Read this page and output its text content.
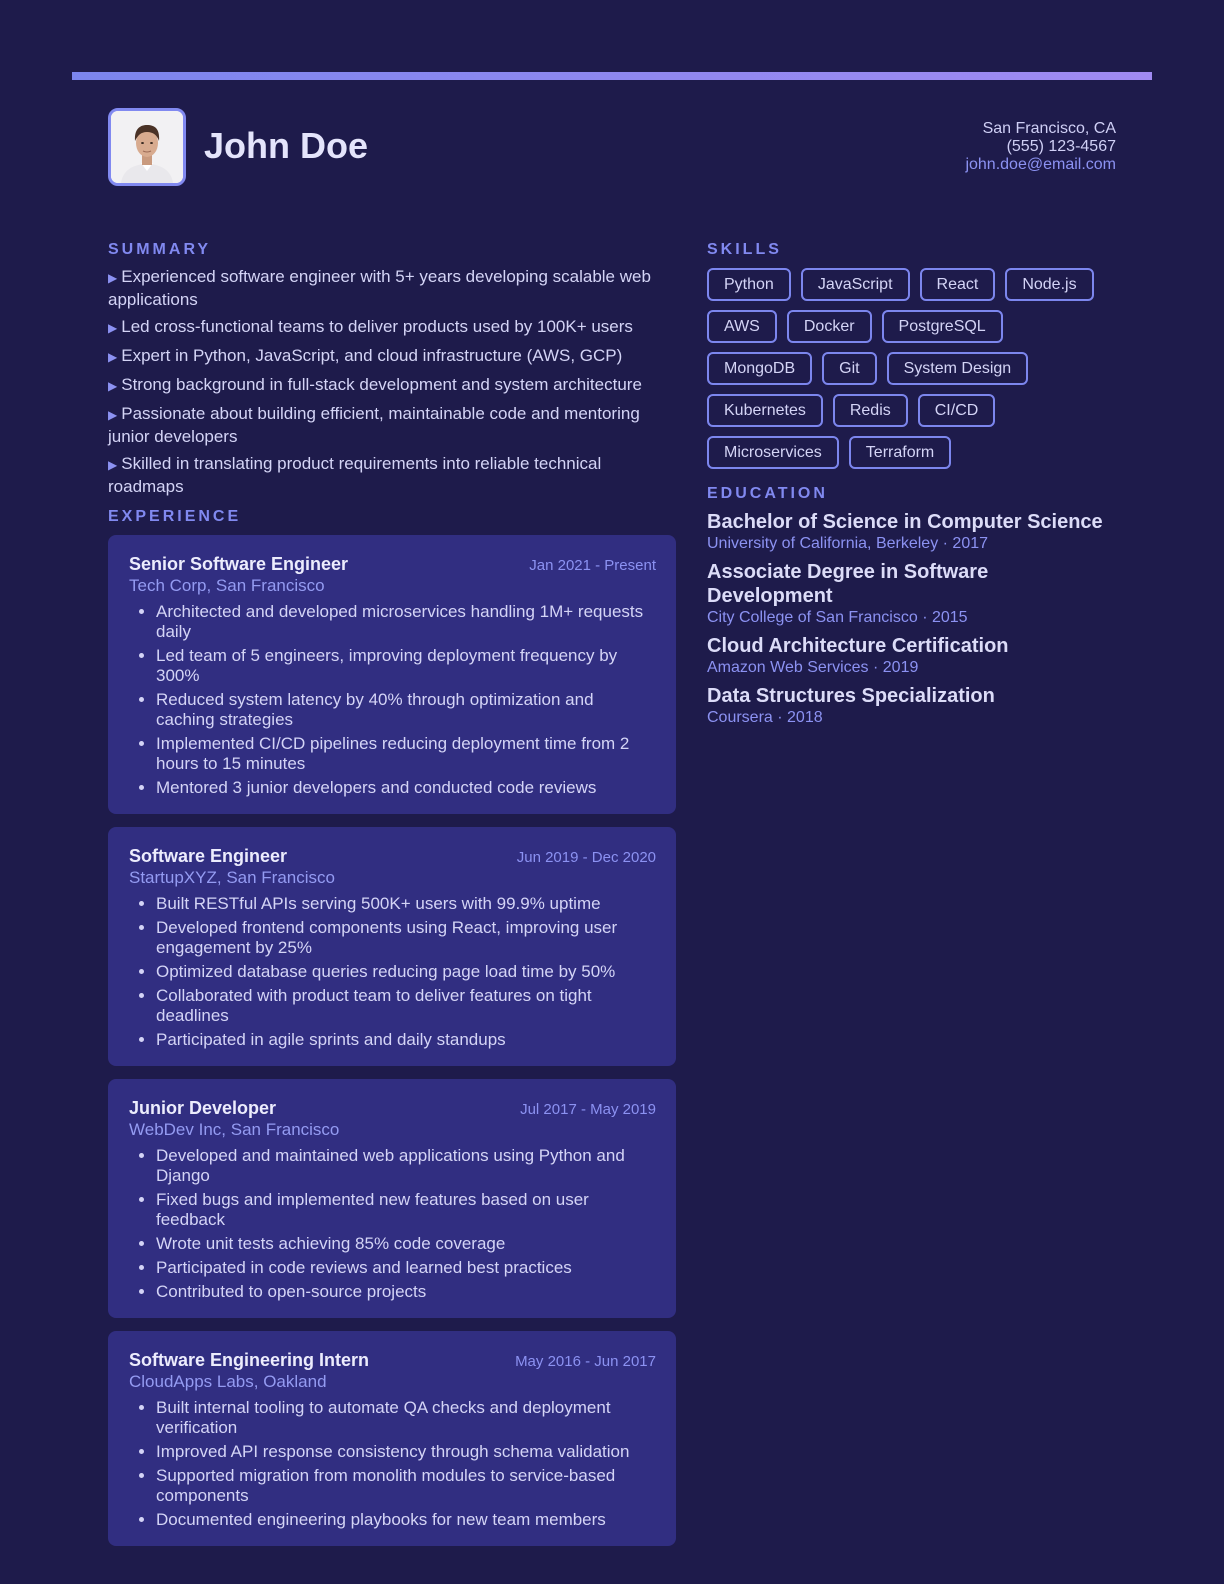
John Doe	San Francisco, CA
(555) 123-4567
john.doe@email.com
SUMMARY
▶ Experienced software engineer with 5+ years developing scalable web applications
▶ Led cross-functional teams to deliver products used by 100K+ users
▶ Expert in Python, JavaScript, and cloud infrastructure (AWS, GCP)
▶ Strong background in full-stack development and system architecture
▶ Passionate about building efficient, maintainable code and mentoring junior developers
▶ Skilled in translating product requirements into reliable technical roadmaps
EXPERIENCE
Senior Software Engineer	Jan 2021 - Present
Tech Corp, San Francisco
• Architected and developed microservices handling 1M+ requests daily
• Led team of 5 engineers, improving deployment frequency by 300%
• Reduced system latency by 40% through optimization and caching strategies
• Implemented CI/CD pipelines reducing deployment time from 2 hours to 15 minutes
• Mentored 3 junior developers and conducted code reviews
Software Engineer	Jun 2019 - Dec 2020
StartupXYZ, San Francisco
• Built RESTful APIs serving 500K+ users with 99.9% uptime
• Developed frontend components using React, improving user engagement by 25%
• Optimized database queries reducing page load time by 50%
• Collaborated with product team to deliver features on tight deadlines
• Participated in agile sprints and daily standups
Junior Developer	Jul 2017 - May 2019
WebDev Inc, San Francisco
• Developed and maintained web applications using Python and Django
• Fixed bugs and implemented new features based on user feedback
• Wrote unit tests achieving 85% code coverage
• Participated in code reviews and learned best practices
• Contributed to open-source projects
Software Engineering Intern	May 2016 - Jun 2017
CloudApps Labs, Oakland
• Built internal tooling to automate QA checks and deployment verification
• Improved API response consistency through schema validation
• Supported migration from monolith modules to service-based components
• Documented engineering playbooks for new team members
SKILLS
Python	JavaScript	React	Node.js
AWS	Docker	PostgreSQL
MongoDB	Git	System Design
Kubernetes	Redis	CI/CD
Microservices	Terraform
EDUCATION
Bachelor of Science in Computer Science
University of California, Berkeley · 2017
Associate Degree in Software Development
City College of San Francisco · 2015
Cloud Architecture Certification
Amazon Web Services · 2019
Data Structures Specialization
Coursera · 2018
